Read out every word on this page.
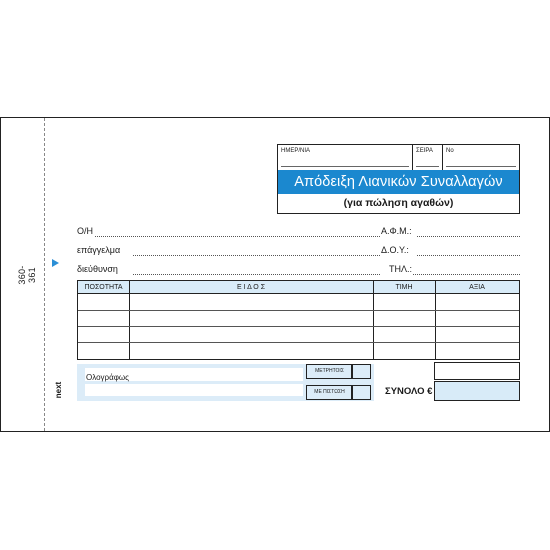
360-361
next
ΗΜΕΡ/ΝΙΑ	ΣΕΙΡΑ	Νο
Απόδειξη Λιανικών Συναλλαγών
(για πώληση αγαθών)
Ο/Η	Α.Φ.Μ.:
επάγγελμα	Δ.Ο.Υ.:
διεύθυνση	ΤΗΛ.:
ΠΟΣΟΤΗΤΑ	Ε Ι Δ Ο Σ	ΤΙΜΗ	ΑΞΙΑ
Ολογράφως
ΜΕΤΡΗΤΟΙΣ
ΜΕ ΠΙΣΤΩΣΗ	ΣΥΝΟΛΟ €
